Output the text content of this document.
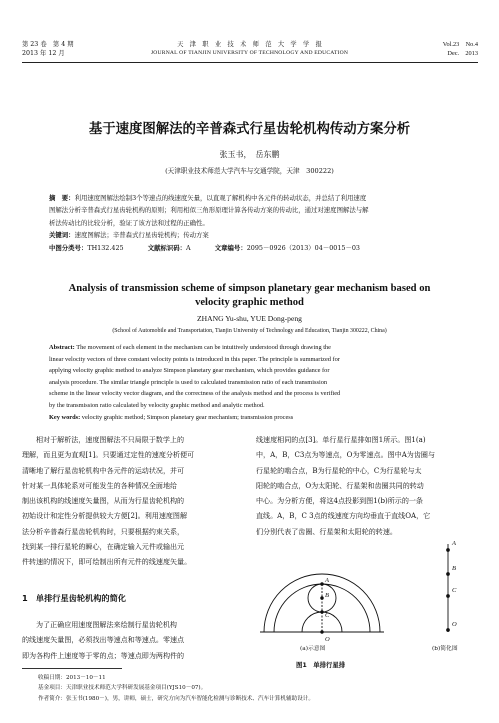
第 23 卷　第 4 期
2013 年 12 月
天　津　职　业　技　术　师　范　大　学　学　报
JOURNAL OF TIANJIN UNIVERSITY OF TECHNOLOGY AND EDUCATION
Vol.23　No.4
Dec.　2013
基于速度图解法的辛普森式行星齿轮机构传动方案分析
张玉书，　岳东鹏
(天津职业技术师范大学汽车与交通学院，天津　300222)
摘　要：利用速度图解法绘制3个等速点的线速度矢量，以直观了解机构中各元件的转动状态，并总结了利用速度
图解法分析辛普森式行星齿轮机构的原则；利用相似三角形原理计算各传动方案的传动比，通过对速度图解法与解
析法传动比的比较分析，验证了该方法和过程的正确性。
关键词：速度图解法；辛普森式行星齿轮机构；传动方案
中图分类号：TH132.425	文献标识码：A	文章编号：2095－0926（2013）04－0015－03
Analysis of transmission scheme of simpson planetary gear mechanism based on
velocity graphic method
ZHANG Yu-shu, YUE Dong-peng
(School of Automobile and Transportation, Tianjin University of Technology and Education, Tianjin 300222, China)
Abstract: The movement of each element in the mechanism can be intuitively understood through drawing the
linear velocity vectors of three constant velocity points is introduced in this paper. The principle is summarized for
applying velocity graphic method to analyze Simpson planetary gear mechanism, which provides guidance for
analysis procedure. The similar triangle principle is used to calculated transmission ratio of each transmission
scheme in the linear velocity vector diagram, and the correctness of the analysis method and the process is verified
by the transmission ratio calculated by velocity graphic method and analytic method.
Key words: velocity graphic method; Simpson planetary gear mechanism; transmission process
相对于解析法，速度图解法不只局限于数学上的
理解，而且更为直观[1]。只要通过定性的速度分析便可
清晰地了解行星齿轮机构中各元件的运动状况，并可
针对某一具体轮系对可能发生的各种情况全面地给
制出该机构的线速度矢量图，从而为行星齿轮机构的
初始设计和定性分析提供较大方便[2]。利用速度图解
法分析辛普森行星齿轮机构时，只要根据约束关系，
找到某一排行星轮的瞬心，在确定输入元件或输出元
件转速的情况下，即可绘制出所有元件的线速度矢量。
1　单排行星齿轮机构的简化
为了正确应用速度图解法来绘制行星齿轮机构
的线速度矢量图，必须找出等速点和等速点。零速点
即为各构件上速度等于零的点；等速点即为两构件的
线速度相同的点[3]。单行星行星排如图1所示。图1(a)
中，A，B，C3点为等速点，O为零速点。图中A为齿圈与
行星轮的啮合点，B为行星轮的中心，C为行星轮与太
阳轮的啮合点，O为太阳轮、行星架和齿圈共同的转动
中心。为分析方便，将这4点投影到图1(b)所示的一条
直线。A，B，C 3点的线速度方向均垂直于直线OA，它
们分别代表了齿圈、行星架和太阳轮的转速。
A
B
C
O
A
B
C
O
(a)示意图	(b)简化图
图1　单排行星排
收稿日期：2013－10－11
基金项目：天津职业技术师范大学科研发展基金项目(YJS10－07)。
作者简介：张玉书(1980－)，男，讲师，硕士，研究方向为汽车智能化检测与诊断技术、汽车计算机辅助设计。
